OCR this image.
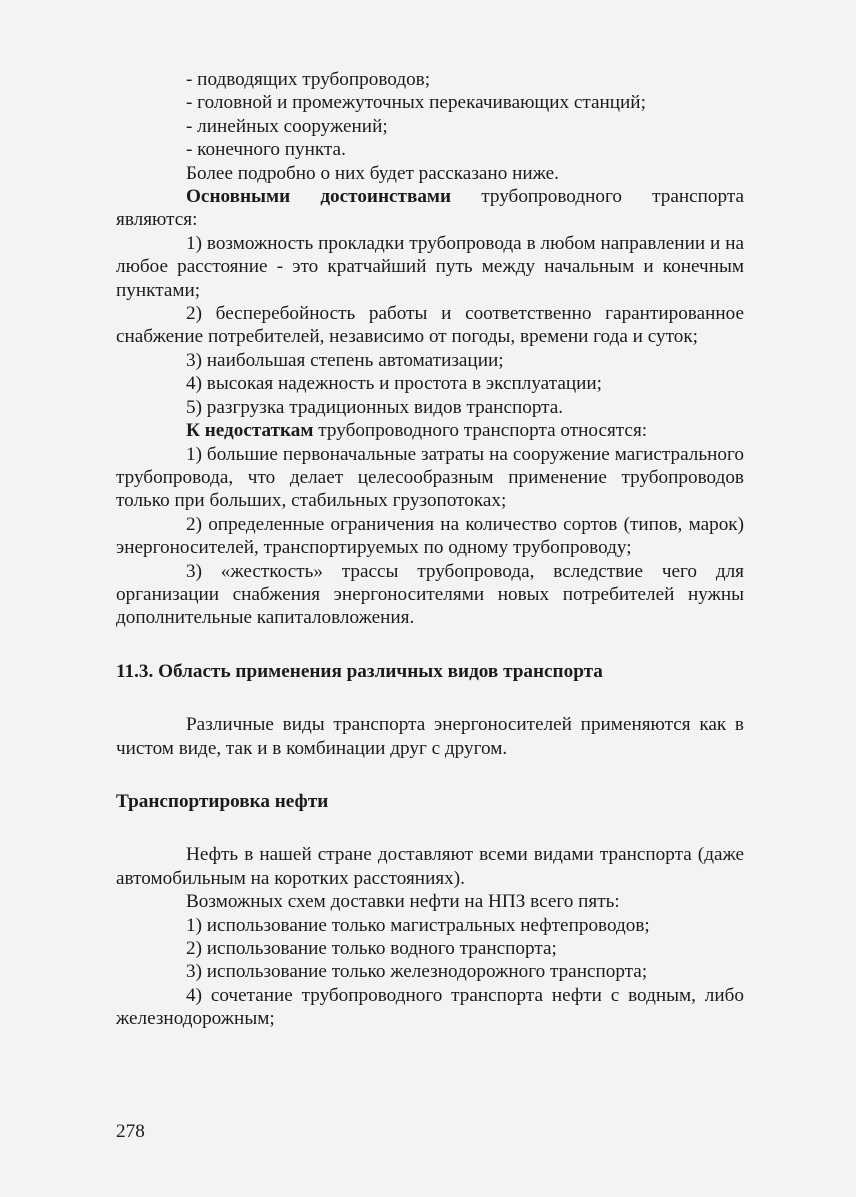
- подводящих трубопроводов;

- головной и промежуточных перекачивающих станций;

- линейных сооружений;

- конечного пункта.

Более подробно о них будет рассказано ниже.

Основными достоинствами трубопроводного транспорта являются:

1) возможность прокладки трубопровода в любом направлении и на любое расстояние - это кратчайший путь между начальным и конечным пунктами;

2) бесперебойность работы и соответственно гарантированное снабжение потребителей, независимо от погоды, времени года и суток;

3) наибольшая степень автоматизации;

4) высокая надежность и простота в эксплуатации;

5) разгрузка традиционных видов транспорта.

К недостаткам трубопроводного транспорта относятся:

1) большие первоначальные затраты на сооружение магистрального трубопровода, что делает целесообразным применение трубопроводов только при больших, стабильных грузопотоках;

2) определенные ограничения на количество сортов (типов, марок) энергоносителей, транспортируемых по одному трубопроводу;

3) «жесткость» трассы трубопровода, вследствие чего для организации снабжения энергоносителями новых потребителей нужны дополнительные капиталовложения.

11.3. Область применения различных видов транспорта

Различные виды транспорта энергоносителей применяются как в чистом виде, так и в комбинации друг с другом.

Транспортировка нефти

Нефть в нашей стране доставляют всеми видами транспорта (даже автомобильным на коротких расстояниях).

Возможных схем доставки нефти на НПЗ всего пять:

1) использование только магистральных нефтепроводов;

2) использование только водного транспорта;

3) использование только железнодорожного транспорта;

4) сочетание трубопроводного транспорта нефти с водным, либо железнодорожным;

278
